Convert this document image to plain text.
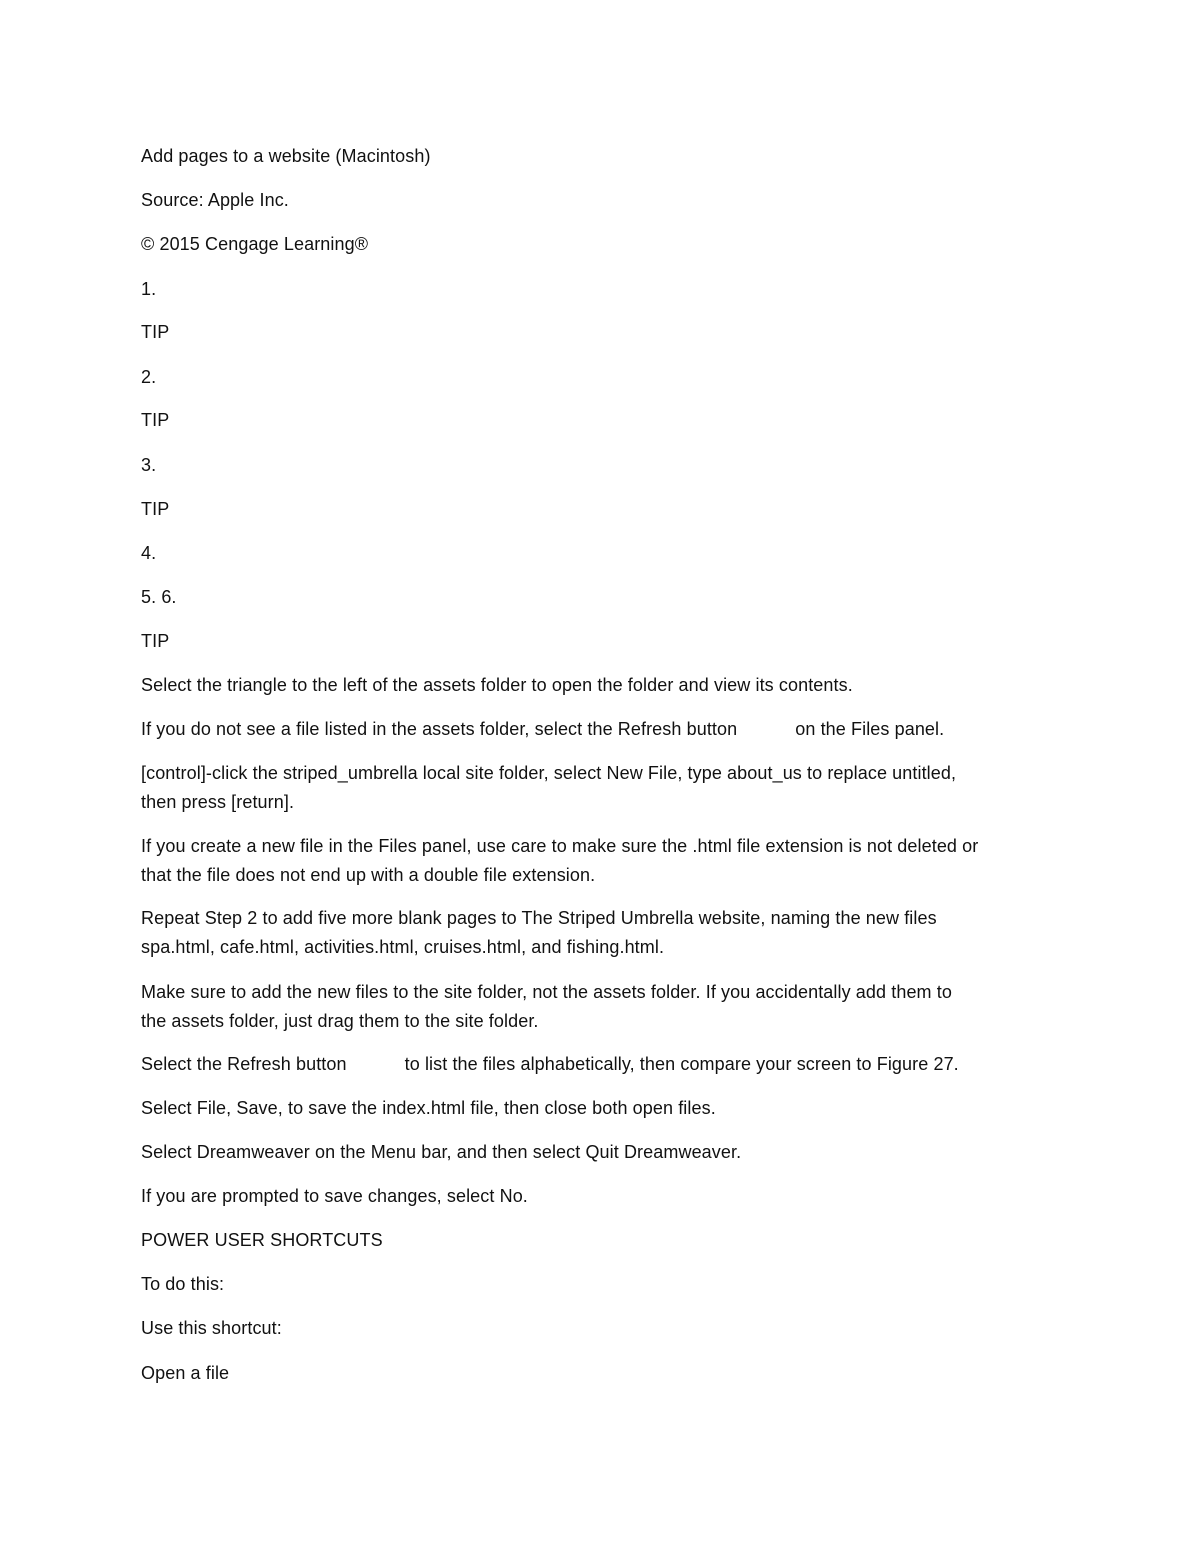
Add pages to a website (Macintosh)
Source: Apple Inc.
© 2015 Cengage Learning®
1.
TIP
2.
TIP
3.
TIP
4.
5. 6.
TIP
Select the triangle to the left of the assets folder to open the folder and view its contents.
If you do not see a file listed in the assets folder, select the Refresh button	on the Files panel.
[control]-click the striped_umbrella local site folder, select New File, type about_us to replace untitled,
then press [return].
If you create a new file in the Files panel, use care to make sure the .html file extension is not deleted or
that the file does not end up with a double file extension.
Repeat Step 2 to add five more blank pages to The Striped Umbrella website, naming the new files
spa.html, cafe.html, activities.html, cruises.html, and fishing.html.
Make sure to add the new files to the site folder, not the assets folder. If you accidentally add them to
the assets folder, just drag them to the site folder.
Select the Refresh button	to list the files alphabetically, then compare your screen to Figure 27.
Select File, Save, to save the index.html file, then close both open files.
Select Dreamweaver on the Menu bar, and then select Quit Dreamweaver.
If you are prompted to save changes, select No.
POWER USER SHORTCUTS
To do this:
Use this shortcut:
Open a file
